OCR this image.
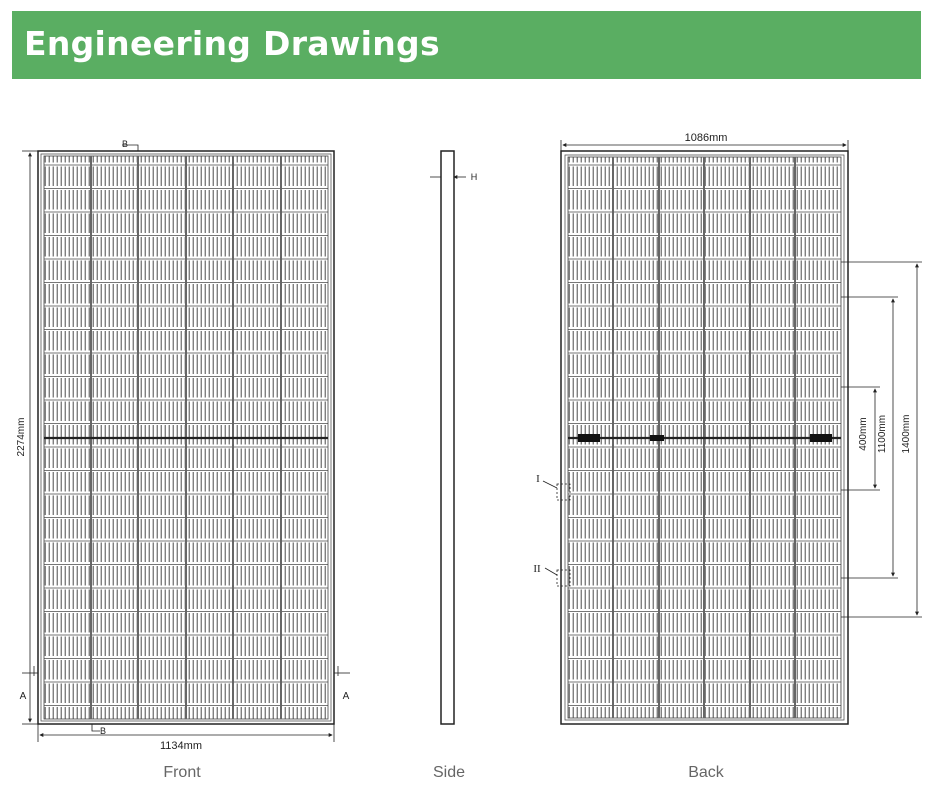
Engineering Drawings
2274mm
1134mm
B
B
A	A
H
1086mm
400mm 1100mm 1400mm
I
II
Front	Side	Back
